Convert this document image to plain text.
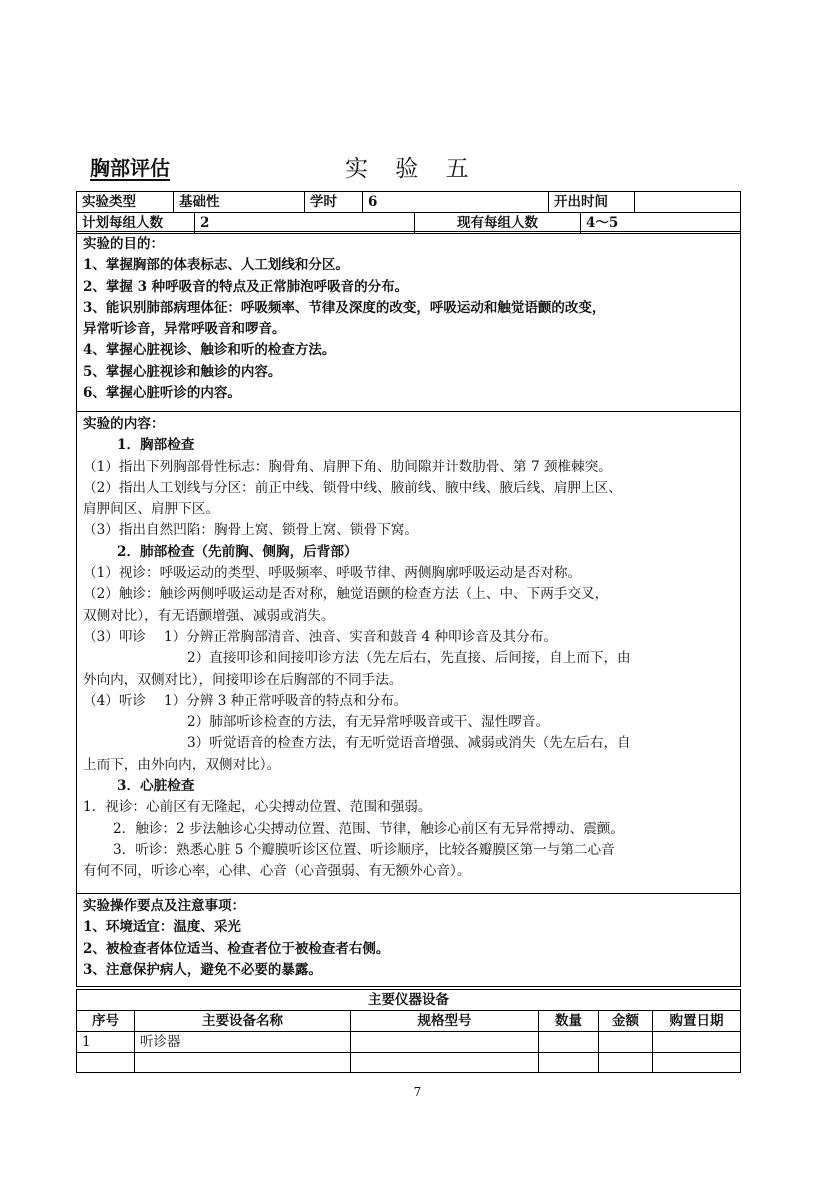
胸部评估	实 验 五
实验类型	基础性		学时	6		开出时间		
计划每组人数		2			现有每组人数		4～5	
实验的目的：
1、掌握胸部的体表标志、人工划线和分区。
2、掌握 3 种呼吸音的特点及正常肺泡呼吸音的分布。
3、能识别肺部病理体征：呼吸频率、节律及深度的改变，呼吸运动和触觉语颤的改变，
异常听诊音，异常呼吸音和啰音。
4、掌握心脏视诊、触诊和听的检查方法。
5、掌握心脏视诊和触诊的内容。
6、掌握心脏听诊的内容。

实验的内容：
1．胸部检查
（1）指出下列胸部骨性标志：胸骨角、肩胛下角、肋间隙并计数肋骨、第 7 颈椎棘突。
（2）指出人工划线与分区：前正中线、锁骨中线、腋前线、腋中线、腋后线、肩胛上区、
肩胛间区、肩胛下区。
（3）指出自然凹陷：胸骨上窝、锁骨上窝、锁骨下窝。
2．肺部检查（先前胸、侧胸，后背部）
（1）视诊：呼吸运动的类型、呼吸频率、呼吸节律、两侧胸廓呼吸运动是否对称。
（2）触诊：触诊两侧呼吸运动是否对称，触觉语颤的检查方法（上、中、下两手交叉，
双侧对比），有无语颤增强、减弱或消失。
（3）叩诊　 1）分辨正常胸部清音、浊音、实音和鼓音 4 种叩诊音及其分布。
2）直接叩诊和间接叩诊方法（先左后右，先直接、后间接，自上而下，由
外向内，双侧对比），间接叩诊在后胸部的不同手法。
（4）听诊　 1）分辨 3 种正常呼吸音的特点和分布。
2）肺部听诊检查的方法，有无异常呼吸音或干、湿性啰音。
3）听觉语音的检查方法，有无听觉语音增强、减弱或消失（先左后右，自
上而下，由外向内，双侧对比）。
3．心脏检查
1．视诊：心前区有无隆起，心尖搏动位置、范围和强弱。
2．触诊：2 步法触诊心尖搏动位置、范围、节律，触诊心前区有无异常搏动、震颤。
3．听诊：熟悉心脏 5 个瓣膜听诊区位置、听诊顺序，比较各瓣膜区第一与第二心音
有何不同，听诊心率，心律、心音（心音强弱、有无额外心音）。

实验操作要点及注意事项：
1、环境适宜：温度、采光
2、被检查者体位适当、检查者位于被检查者右侧。
3、注意保护病人，避免不必要的暴露。
主要仪器设备					
序号	主要设备名称	规格型号	数量	金额	购置日期
1	听诊器				

7
